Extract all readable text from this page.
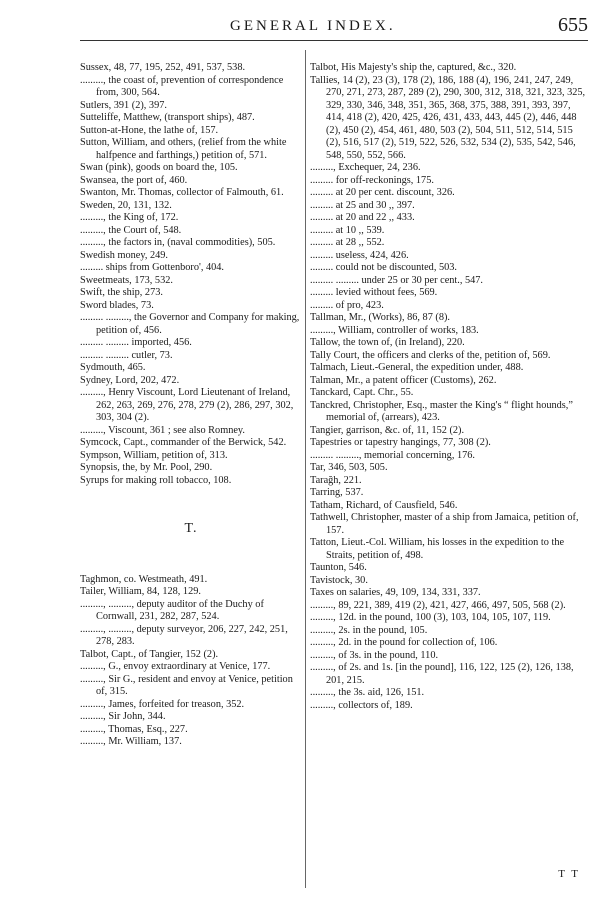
GENERAL INDEX.	655

Sussex, 48, 77, 195, 252, 491, 537, 538.

........., the coast of, prevention of correspondence from, 300, 564.

Sutlers, 391 (2), 397.

Sutteliffe, Matthew, (transport ships), 487.

Sutton-at-Hone, the lathe of, 157.

Sutton, William, and others, (relief from the white halfpence and farthings,) petition of, 571.

Swan (pink), goods on board the, 105.

Swansea, the port of, 460.

Swanton, Mr. Thomas, collector of Falmouth, 61.

Sweden, 20, 131, 132.

........., the King of, 172.

........., the Court of, 548.

........., the factors in, (naval commodities), 505.

Swedish money, 249.

......... ships from Gottenboro', 404.

Sweetmeats, 173, 532.

Swift, the ship, 273.

Sword blades, 73.

......... ........., the Governor and Company for making, petition of, 456.

......... ......... imported, 456.

......... ......... cutler, 73.

Sydmouth, 465.

Sydney, Lord, 202, 472.

........., Henry Viscount, Lord Lieutenant of Ireland, 262, 263, 269, 276, 278, 279 (2), 286, 297, 302, 303, 304 (2).

........., Viscount, 361 ; see also Romney.

Symcock, Capt., commander of the Berwick, 542.

Sympson, William, petition of, 313.

Synopsis, the, by Mr. Pool, 290.

Syrups for making roll tobacco, 108.

T.

Taghmon, co. Westmeath, 491.

Tailer, William, 84, 128, 129.

........., ........., deputy auditor of the Duchy of Cornwall, 231, 282, 287, 524.

........., ........., deputy surveyor, 206, 227, 242, 251, 278, 283.

Talbot, Capt., of Tangier, 152 (2).

........., G., envoy extraordinary at Venice, 177.

........., Sir G., resident and envoy at Venice, petition of, 315.

........., James, forfeited for treason, 352.

........., Sir John, 344.

........., Thomas, Esq., 227.

........., Mr. William, 137.

Talbot, His Majesty's ship the, captured, &c., 320.

Tallies, 14 (2), 23 (3), 178 (2), 186, 188 (4), 196, 241, 247, 249, 270, 271, 273, 287, 289 (2), 290, 300, 312, 318, 321, 323, 325, 329, 330, 346, 348, 351, 365, 368, 375, 388, 391, 393, 397, 414, 418 (2), 420, 425, 426, 431, 433, 443, 445 (2), 446, 448 (2), 450 (2), 454, 461, 480, 503 (2), 504, 511, 512, 514, 515 (2), 516, 517 (2), 519, 522, 526, 532, 534 (2), 535, 542, 546, 548, 550, 552, 566.

........., Exchequer, 24, 236.

......... for off-reckonings, 175.

......... at 20 per cent. discount, 326.

......... at 25 and 30 ,, 397.

......... at 20 and 22 ,, 433.

......... at 10 ,, 539.

......... at 28 ,, 552.

......... useless, 424, 426.

......... could not be discounted, 503.

......... ......... under 25 or 30 per cent., 547.

......... levied without fees, 569.

......... of pro, 423.

Tallman, Mr., (Works), 86, 87 (8).

........., William, controller of works, 183.

Tallow, the town of, (in Ireland), 220.

Tally Court, the officers and clerks of the, petition of, 569.

Talmach, Lieut.-General, the expedition under, 488.

Talman, Mr., a patent officer (Customs), 262.

Tanckard, Capt. Chr., 55.

Tanckred, Christopher, Esq., master the King's “ flight hounds,” memorial of, (arrears), 423.

Tangier, garrison, &c. of, 11, 152 (2).

Tapestries or tapestry hangings, 77, 308 (2).

......... ........., memorial concerning, 176.

Tar, 346, 503, 505.

Tarağh, 221.

Tarring, 537.

Tatham, Richard, of Causfield, 546.

Tathwell, Christopher, master of a ship from Jamaica, petition of, 157.

Tatton, Lieut.-Col. William, his losses in the expedition to the Straits, petition of, 498.

Taunton, 546.

Tavistock, 30.

Taxes on salaries, 49, 109, 134, 331, 337.

........., 89, 221, 389, 419 (2), 421, 427, 466, 497, 505, 568 (2).

........., 12d. in the pound, 100 (3), 103, 104, 105, 107, 119.

........., 2s. in the pound, 105.

........., 2d. in the pound for collection of, 106.

........., of 3s. in the pound, 110.

........., of 2s. and 1s. [in the pound], 116, 122, 125 (2), 126, 138, 201, 215.

........., the 3s. aid, 126, 151.

........., collectors of, 189.

T T
